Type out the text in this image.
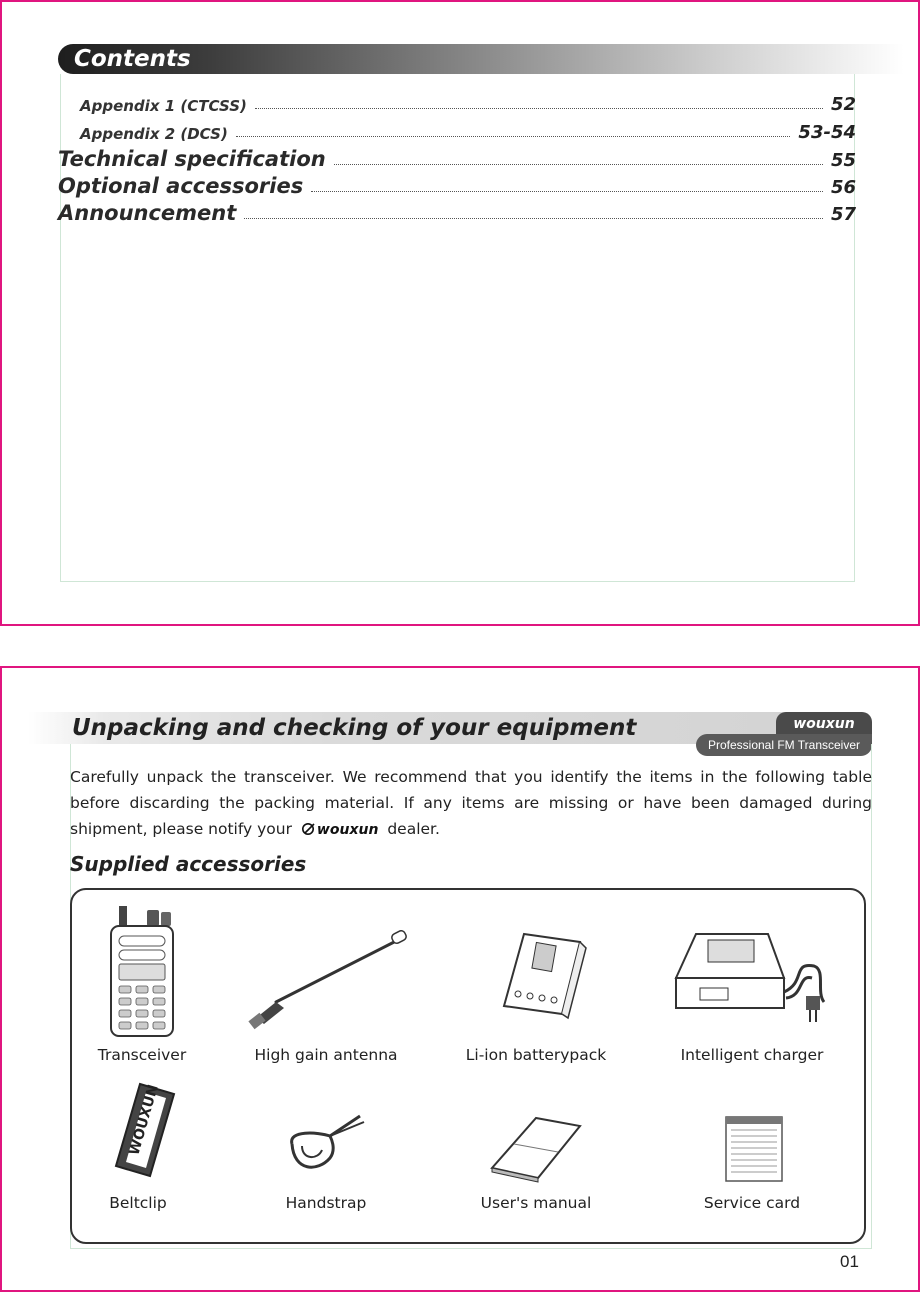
Contents
Appendix 1 (CTCSS)	52
Appendix 2 (DCS)	53-54
Technical specification	55
Optional accessories	56
Announcement	57
Unpacking and checking of your equipment	wouxun
Professional FM Transceiver
Carefully unpack the transceiver. We recommend that you identify the items in the following table before discarding the packing material. If any items are missing or have been damaged during shipment, please notify your wouxun dealer.
Supplied accessories
Transceiver	High gain antenna	Li-ion batterypack	Intelligent charger
WOUXUN
Beltclip	Handstrap	User's manual	Service card
01
